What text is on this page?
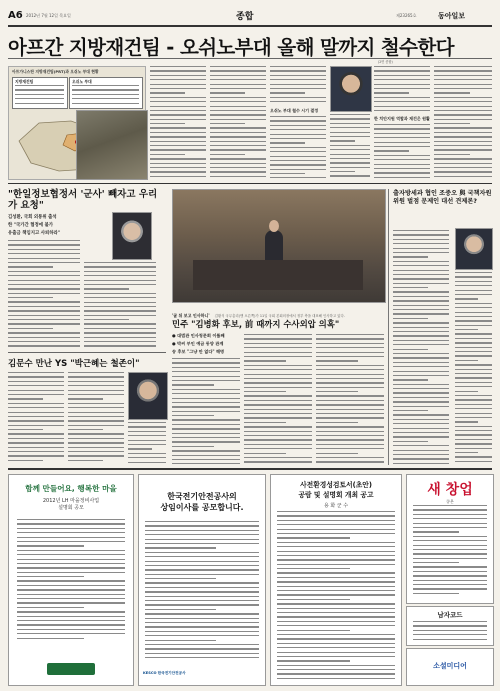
A6 2012년 7월 12일 목요일	종합	제23265호	동아일보
아프간 지방재건팀 - 오쉬노부대 올해 말까지 철수한다
(2면 종합)
아프가니스탄 지방재건팀(PRT)과 오쉬노 부대 현황
지방재건팀	오쉬노 부대
오쉬노 부대 철수 시기 결정
한 치안지원 역할과 재건은 원활
"한일정보협정서 '군사' 빼자고 우리가 요청"
김성환, 국회 외통위 출석
한 "국가간 협정에 불가
유출금 책임지고 사퇴하라"
김문수 만난 YS "박근혜는 철존이"
'굴 뒤 보고 인사하니' 김황식 국무총리(맨 오른쪽)가 11일 국회 본회의장에서 정부 측을 대표해 인사하고 있다.
민주 "김병화 후보, 前 때까지 수사외압 의혹"
● 대법관 인사청문회 이틀째
● 박씨 부인 예금 동양 관계
송 후보 "그냥 안 없다" 해명
출자방세과 협인 조중오 與 국책자원위원 벌점 문제인 대선 견제론?
함께 만들어요, 행복한 마을
2012년 LH 마을정비사업
설명회 공모
한국전기안전공사의
상임이사를 공모합니다.
KESCO 한국전기안전공사
사전환경성검토서(초안)
공람 및 설명회 개최 공고
용 화 군 수
새 창업
큐온
남자코드
소셜미디어
